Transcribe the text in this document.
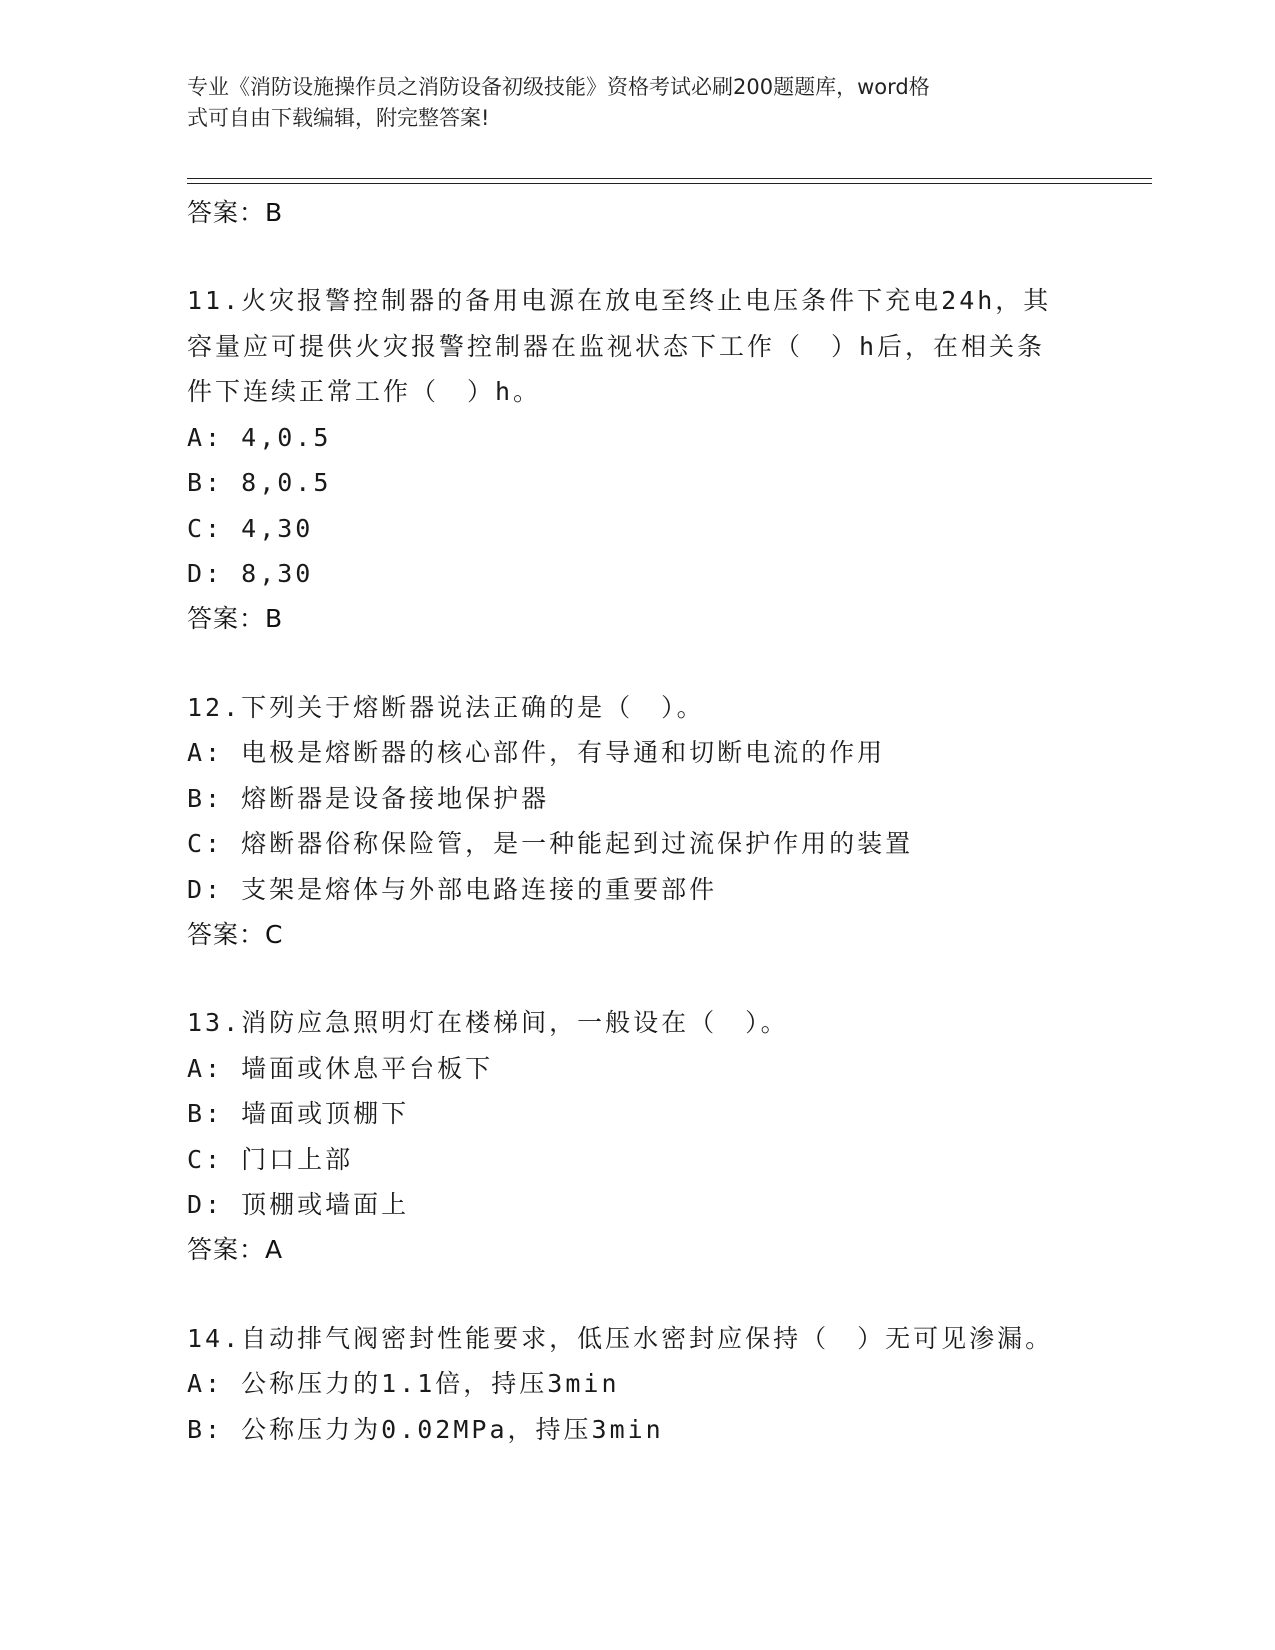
专业《消防设施操作员之消防设备初级技能》资格考试必刷200题题库，word格
式可自由下载编辑，附完整答案!
答案：B
11.火灾报警控制器的备用电源在放电至终止电压条件下充电24h，其
容量应可提供火灾报警控制器在监视状态下工作（　）h后，在相关条
件下连续正常工作（　）h。
A: 4,0.5
B: 8,0.5
C: 4,30
D: 8,30
答案：B
12.下列关于熔断器说法正确的是（　）。
A: 电极是熔断器的核心部件，有导通和切断电流的作用
B: 熔断器是设备接地保护器
C: 熔断器俗称保险管，是一种能起到过流保护作用的装置
D: 支架是熔体与外部电路连接的重要部件
答案：C
13.消防应急照明灯在楼梯间，一般设在（　）。
A: 墙面或休息平台板下
B: 墙面或顶棚下
C: 门口上部
D: 顶棚或墙面上
答案：A
14.自动排气阀密封性能要求，低压水密封应保持（　）无可见渗漏。
A: 公称压力的1.1倍，持压3min
B: 公称压力为0.02MPa，持压3min
